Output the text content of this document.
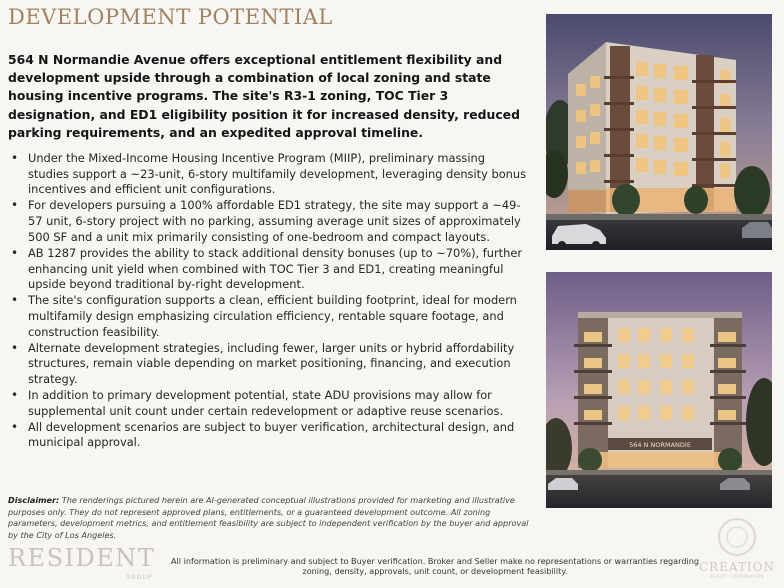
DEVELOPMENT POTENTIAL

564 N Normandie Avenue offers exceptional entitlement flexibility and development upside through a combination of local zoning and state housing incentive programs. The site's R3-1 zoning, TOC Tier 3 designation, and ED1 eligibility position it for increased density, reduced parking requirements, and an expedited approval timeline.

• Under the Mixed-Income Housing Incentive Program (MIIP), preliminary massing studies support a ~23-unit, 6-story multifamily development, leveraging density bonus incentives and efficient unit configurations.
• For developers pursuing a 100% affordable ED1 strategy, the site may support a ~49-57 unit, 6-story project with no parking, assuming average unit sizes of approximately 500 SF and a unit mix primarily consisting of one-bedroom and compact layouts.
• AB 1287 provides the ability to stack additional density bonuses (up to ~70%), further enhancing unit yield when combined with TOC Tier 3 and ED1, creating meaningful upside beyond traditional by-right development.
• The site's configuration supports a clean, efficient building footprint, ideal for modern multifamily design emphasizing circulation efficiency, rentable square footage, and construction feasibility.
• Alternate development strategies, including fewer, larger units or hybrid affordability structures, remain viable depending on market positioning, financing, and execution strategy.
• In addition to primary development potential, state ADU provisions may allow for supplemental unit count under certain redevelopment or adaptive reuse scenarios.
• All development scenarios are subject to buyer verification, architectural design, and municipal approval.

Disclaimer: The renderings pictured herein are AI-generated conceptual illustrations provided for marketing and illustrative purposes only. They do not represent approved plans, entitlements, or a guaranteed development outcome. All zoning parameters, development metrics, and entitlement feasibility are subject to independent verification by the buyer and approval by the City of Los Angeles.

564 N NORMANDIE
RESIDENT
GROUP
All information is preliminary and subject to Buyer verification. Broker and Seller make no representations or warranties regarding zoning, density, approvals, unit count, or development feasibility.	CREATION
REALTY CORPORATION
